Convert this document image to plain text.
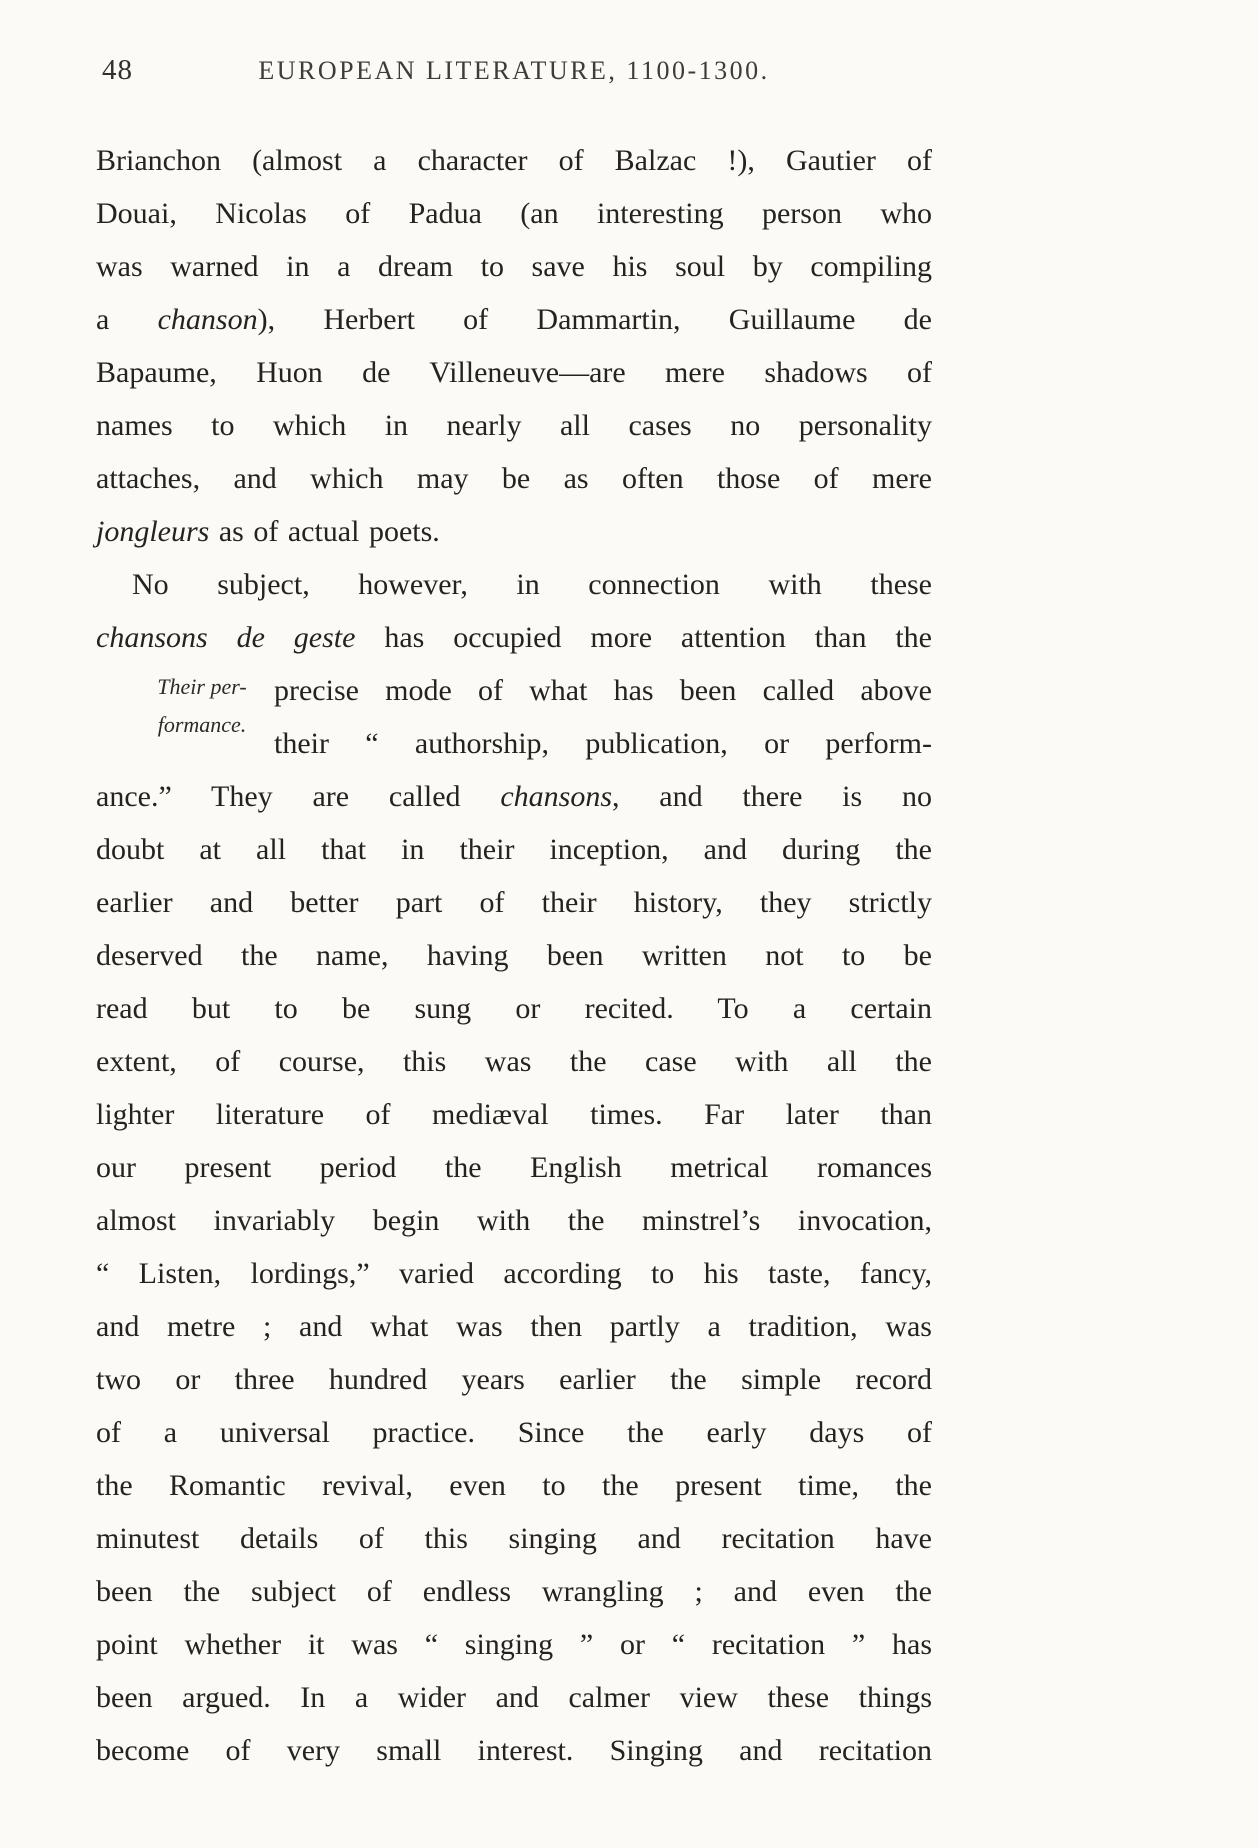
48	EUROPEAN LITERATURE, 1100-1300.
Their per-
formance.
Brianchon (almost a character of Balzac !), Gautier of
Douai, Nicolas of Padua (an interesting person who
was warned in a dream to save his soul by compiling
a chanson), Herbert of Dammartin, Guillaume de
Bapaume, Huon de Villeneuve—are mere shadows of
names to which in nearly all cases no personality
attaches, and which may be as often those of mere
jongleurs as of actual poets.
No subject, however, in connection with these
chansons de geste has occupied more attention than the
precise mode of what has been called above
their “ authorship, publication, or perform-
ance.” They are called chansons, and there is no
doubt at all that in their inception, and during the
earlier and better part of their history, they strictly
deserved the name, having been written not to be
read but to be sung or recited. To a certain
extent, of course, this was the case with all the
lighter literature of mediæval times. Far later than
our present period the English metrical romances
almost invariably begin with the minstrel’s invocation,
“ Listen, lordings,” varied according to his taste, fancy,
and metre ; and what was then partly a tradition, was
two or three hundred years earlier the simple record
of a universal practice. Since the early days of
the Romantic revival, even to the present time, the
minutest details of this singing and recitation have
been the subject of endless wrangling ; and even the
point whether it was “ singing ” or “ recitation ” has
been argued. In a wider and calmer view these things
become of very small interest. Singing and recitation
